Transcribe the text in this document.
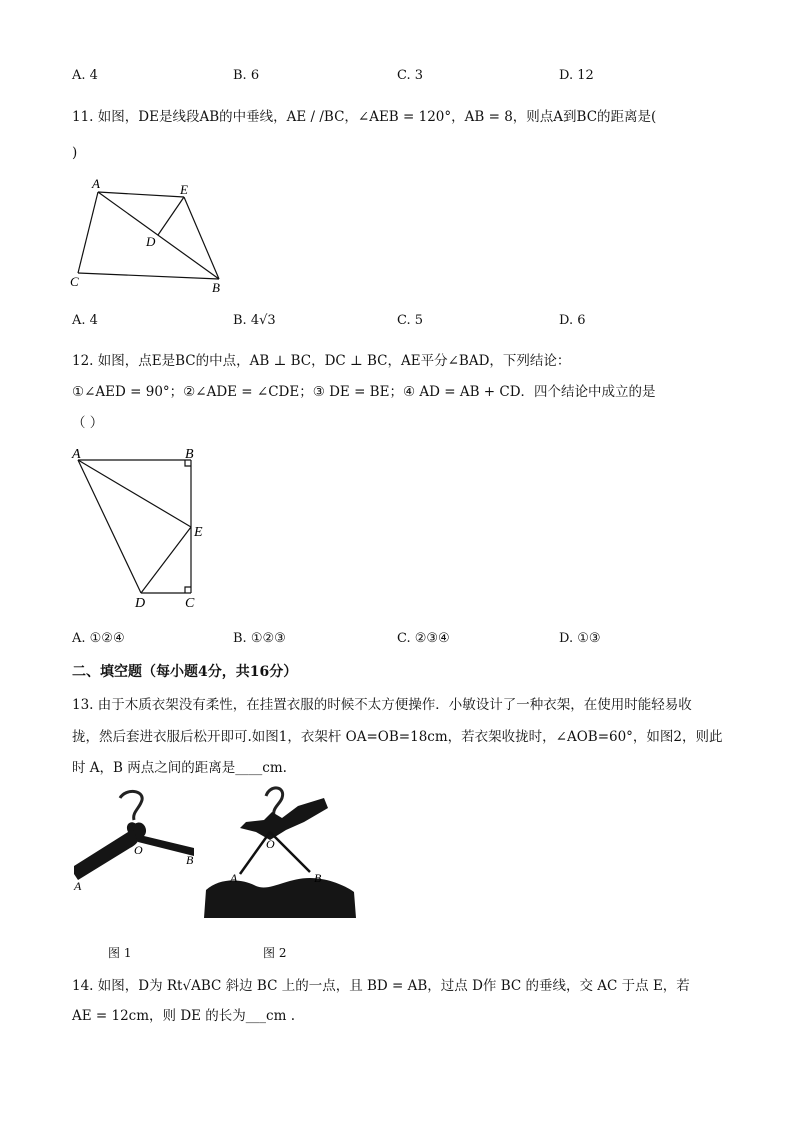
A. 4	B. 6	C. 3	D. 12
11. 如图，DE是线段AB的中垂线，AE / /BC，∠AEB = 120°，AB = 8，则点A到BC的距离是(
)
A	E
D
C	B
A. 4	B. 4√3	C. 5	D. 6
12. 如图，点E是BC的中点，AB ⊥ BC，DC ⊥ BC，AE平分∠BAD，下列结论：
①∠AED = 90°；②∠ADE = ∠CDE；③ DE = BE；④ AD = AB + CD．四个结论中成立的是
（ ）
A	B
E
D	C
A. ①②④	B. ①②③	C. ②③④	D. ①③
二、填空题（每小题4分，共16分）
13. 由于木质衣架没有柔性，在挂置衣服的时候不太方便操作．小敏设计了一种衣架，在使用时能轻易收
拢，然后套进衣服后松开即可.如图1，衣架杆 OA=OB=18cm，若衣架收拢时，∠AOB=60°，如图2，则此
时 A，B 两点之间的距离是____cm.
O
A
B
O
A	B
图 1	图 2
14. 如图，D为 Rt√ABC 斜边 BC 上的一点，且 BD = AB，过点 D作 BC 的垂线，交 AC 于点 E，若
AE = 12cm，则 DE 的长为___cm .
